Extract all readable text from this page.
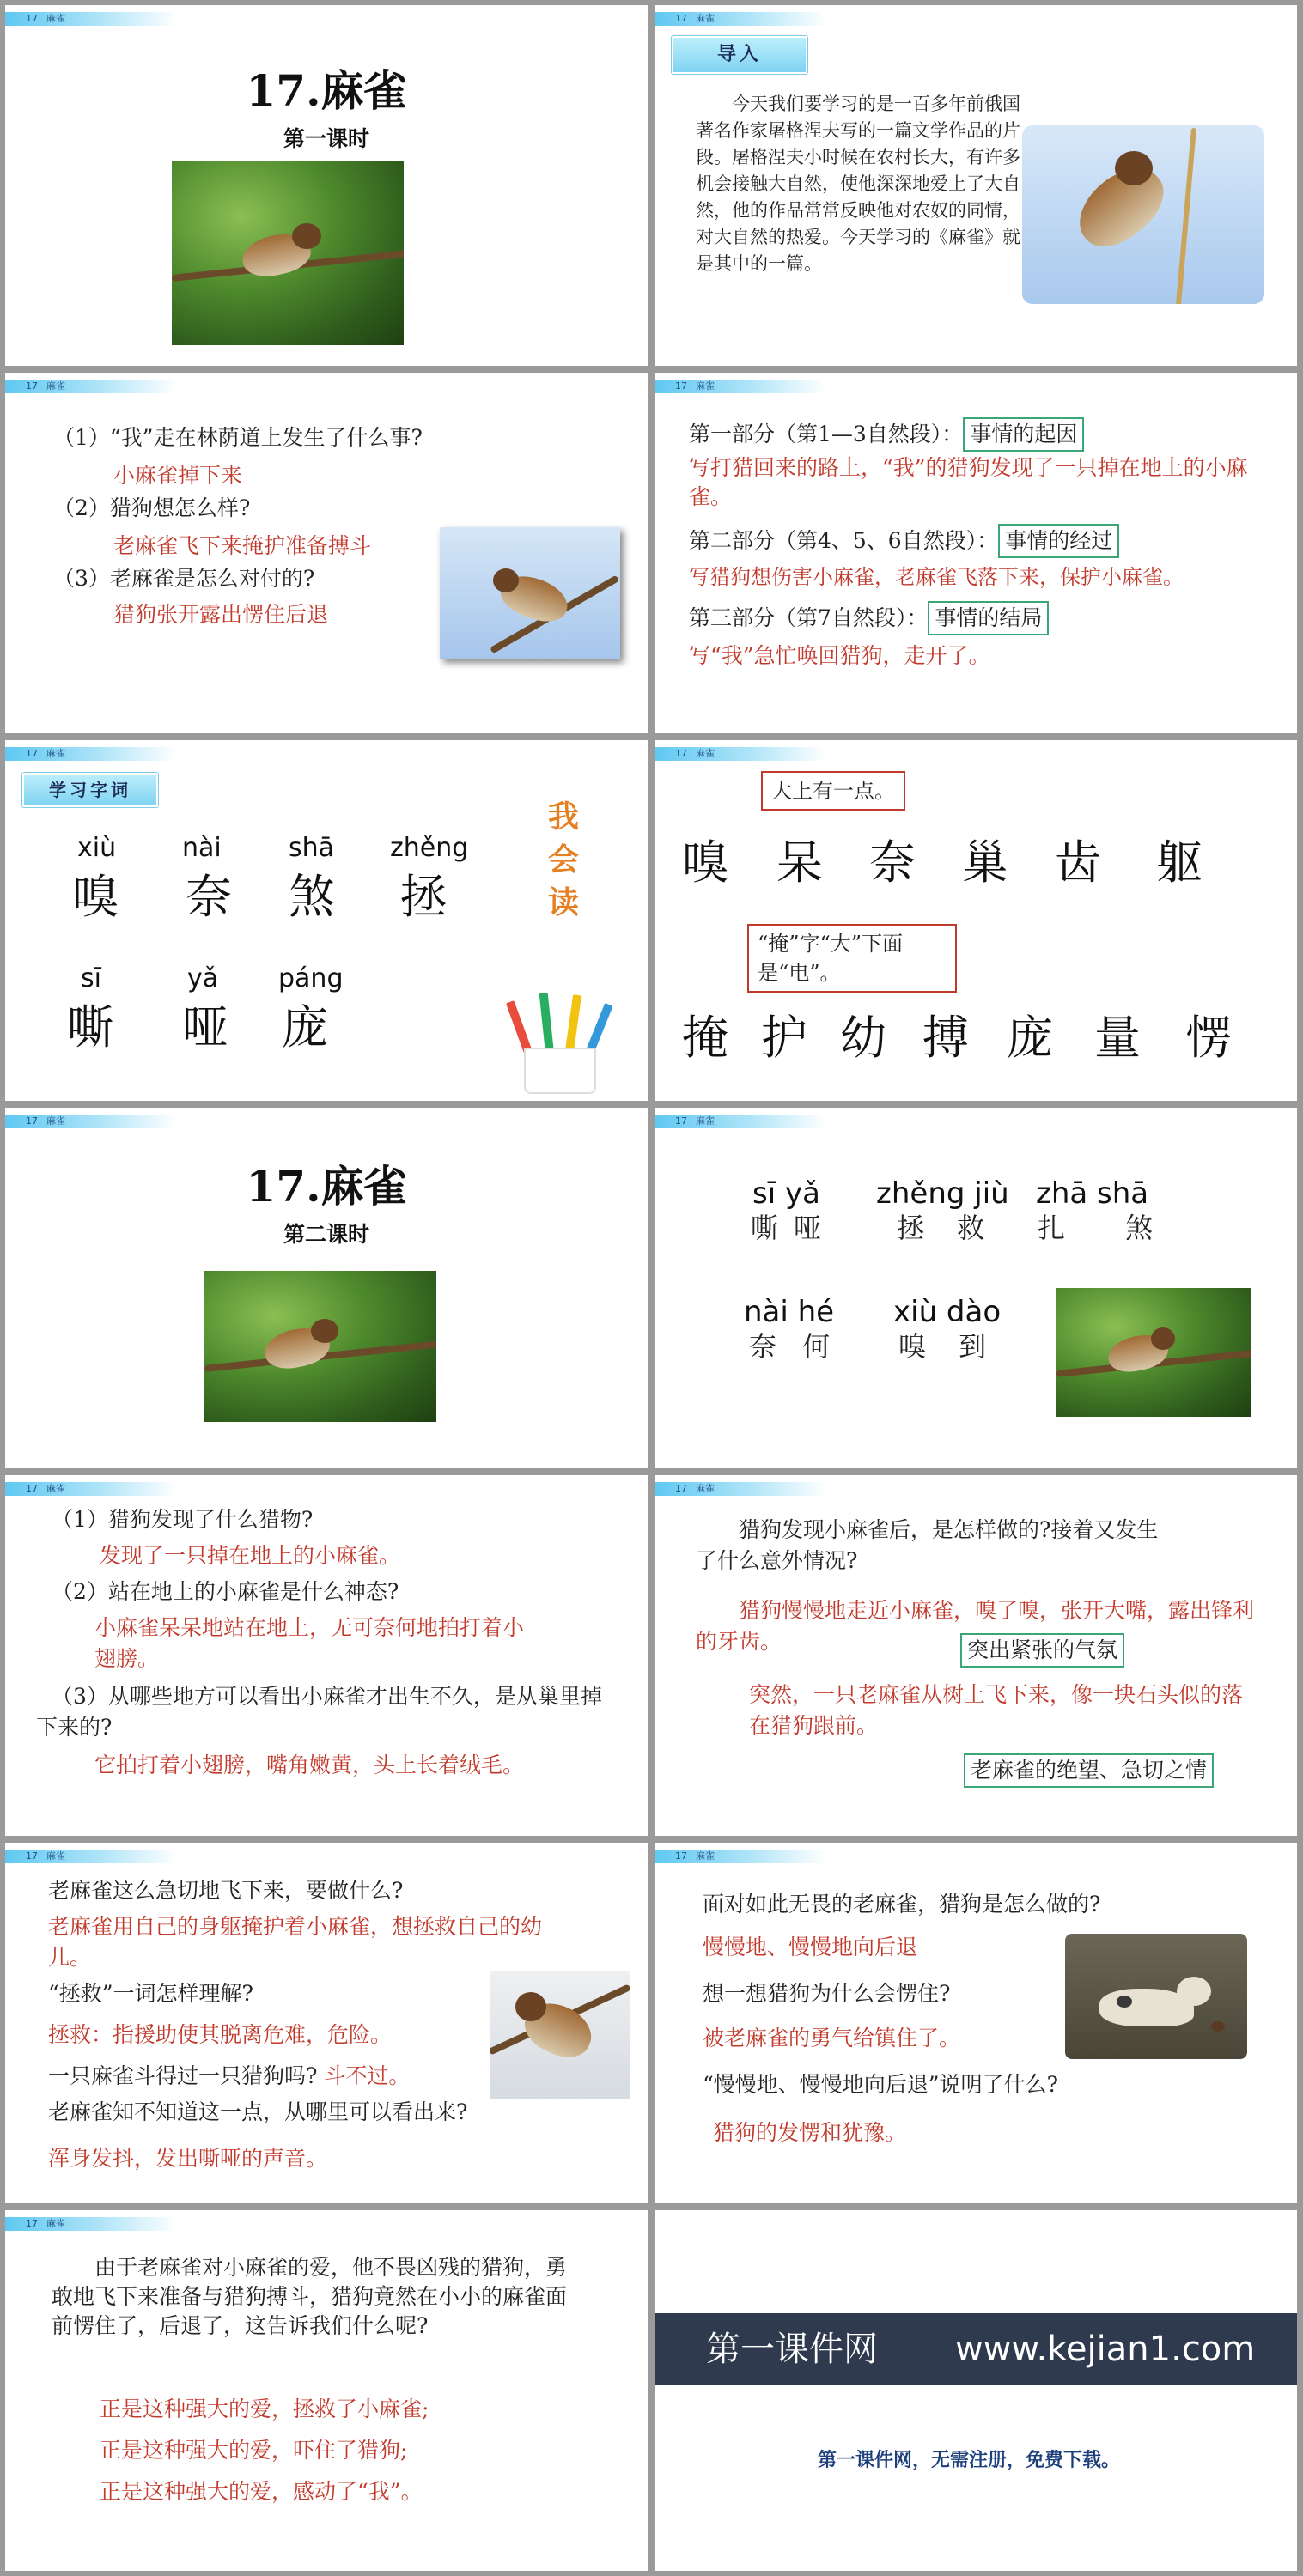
17 麻雀
17.麻雀
第一课时
17 麻雀
导入
今天我们要学习的是一百多年前俄国著名作家屠格涅夫写的一篇文学作品的片段。屠格涅夫小时候在农村长大，有许多机会接触大自然，使他深深地爱上了大自然，他的作品常常反映他对农奴的同情，对大自然的热爱。今天学习的《麻雀》就是其中的一篇。
17 麻雀
（1）“我”走在林荫道上发生了什么事?
小麻雀掉下来
（2）猎狗想怎么样?
老麻雀飞下来掩护准备搏斗
（3）老麻雀是怎么对付的?
猎狗张开露出愣住后退
17 麻雀
第一部分（第1—3自然段）： 事情的起因
写打猎回来的路上，“我”的猎狗发现了一只掉在地上的小麻雀。
第二部分（第4、5、6自然段）： 事情的经过
写猎狗想伤害小麻雀，老麻雀飞落下来，保护小麻雀。
第三部分（第7自然段）： 事情的结局
写“我”急忙唤回猎狗，走开了。
17 麻雀
学习字词
xiù
嗅
nài
奈
shā
煞
zhěng
拯
sī
嘶
yǎ
哑
páng
庞
我
会
读
17 麻雀
大上有一点。
嗅 呆 奈 巢 齿 躯
“掩”字“大”下面是“电”。
掩 护 幼 搏 庞 量 愣
17 麻雀
17.麻雀
第二课时
17 麻雀
sī yǎ
嘶 哑
zhěng jiù
拯 救
zhā shā
扎 煞
nài hé
奈 何
xiù dào
嗅 到
17 麻雀
（1）猎狗发现了什么猎物?
发现了一只掉在地上的小麻雀。
（2）站在地上的小麻雀是什么神态?
小麻雀呆呆地站在地上，无可奈何地拍打着小翅膀。
（3）从哪些地方可以看出小麻雀才出生不久，是从巢里掉下来的?
它拍打着小翅膀，嘴角嫩黄，头上长着绒毛。
17 麻雀
猎狗发现小麻雀后，是怎样做的?接着又发生了什么意外情况?
猎狗慢慢地走近小麻雀，嗅了嗅，张开大嘴，露出锋利的牙齿。	突出紧张的气氛
突然，一只老麻雀从树上飞下来，像一块石头似的落在猎狗跟前。
老麻雀的绝望、急切之情
17 麻雀
老麻雀这么急切地飞下来，要做什么?
老麻雀用自己的身躯掩护着小麻雀，想拯救自己的幼儿。
“拯救”一词怎样理解?
拯救：指援助使其脱离危难，危险。
一只麻雀斗得过一只猎狗吗? 斗不过。
老麻雀知不知道这一点，从哪里可以看出来?
浑身发抖，发出嘶哑的声音。
17 麻雀
面对如此无畏的老麻雀，猎狗是怎么做的?
慢慢地、慢慢地向后退
想一想猎狗为什么会愣住?
被老麻雀的勇气给镇住了。
“慢慢地、慢慢地向后退”说明了什么?
猎狗的发愣和犹豫。
17 麻雀
由于老麻雀对小麻雀的爱，他不畏凶残的猎狗，勇敢地飞下来准备与猎狗搏斗，猎狗竟然在小小的麻雀面前愣住了，后退了，这告诉我们什么呢?
正是这种强大的爱，拯救了小麻雀;
正是这种强大的爱，吓住了猎狗;
正是这种强大的爱，感动了“我”。
第一课件网 www.kejian1.com
第一课件网，无需注册，免费下载。
